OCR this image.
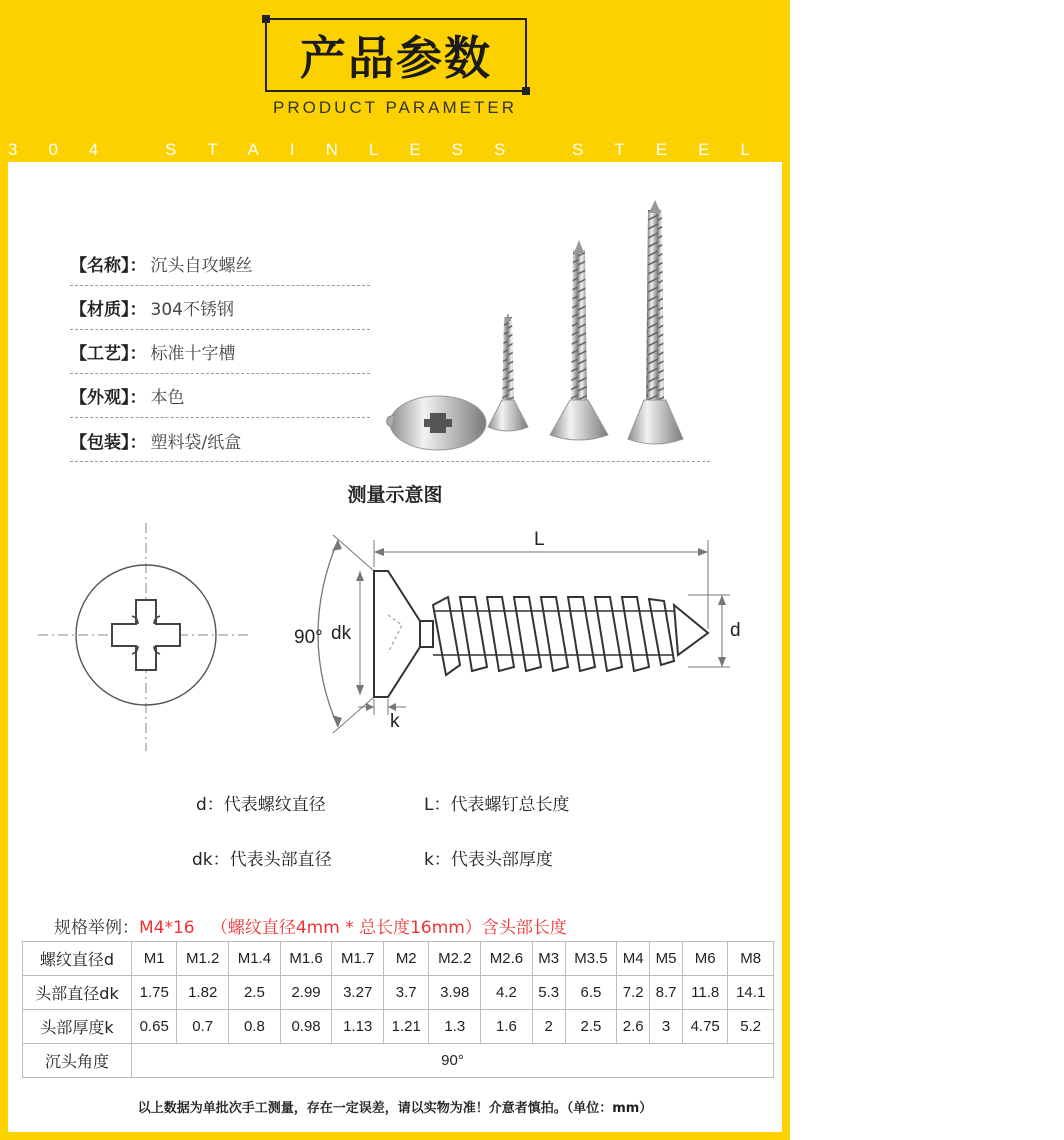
产品参数
PRODUCT PARAMETER
304 STAINLESS STEEL SERIES
【名称】： 沉头自攻螺丝
【材质】： 304不锈钢
【工艺】： 标准十字槽
【外观】： 本色
【包装】： 塑料袋/纸盒
测量示意图
90° dk
L
d
k
d：代表螺纹直径	L：代表螺钉总长度
dk：代表头部直径	k：代表头部厚度
规格举例：M4*16 （螺纹直径4mm * 总长度16mm）含头部长度
螺纹直径d	M1	M1.2	M1.4	M1.6	M1.7	M2	M2.2	M2.6	M3	M3.5	M4	M5	M6	M8
头部直径dk	1.75	1.82	2.5	2.99	3.27	3.7	3.98	4.2	5.3	6.5	7.2	8.7	11.8	14.1
头部厚度k	0.65	0.7	0.8	0.98	1.13	1.21	1.3	1.6	2	2.5	2.6	3	4.75	5.2
沉头角度	90°													
以上数据为单批次手工测量，存在一定误差，请以实物为准！介意者慎拍。（单位：mm）
